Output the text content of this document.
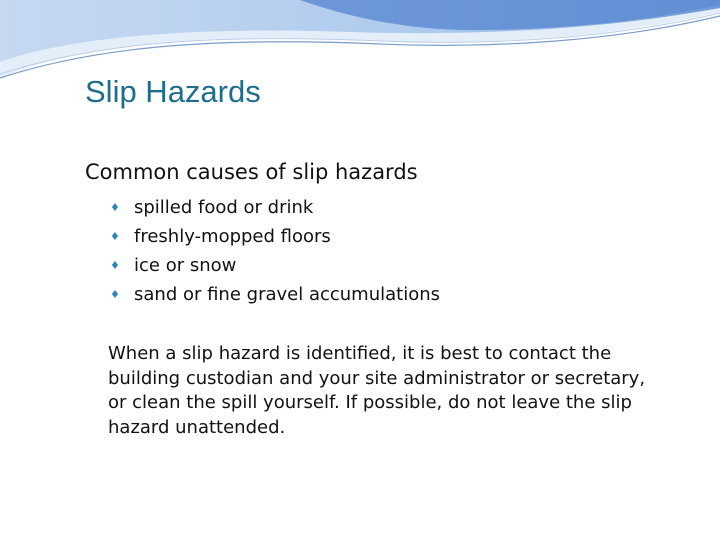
Slip Hazards
Common causes of slip hazards
♦ spilled food or drink
♦ freshly-mopped floors
♦ ice or snow
♦ sand or fine gravel accumulations

When a slip hazard is identified, it is best to contact the building custodian and your site administrator or secretary, or clean the spill yourself. If possible, do not leave the slip hazard unattended.
